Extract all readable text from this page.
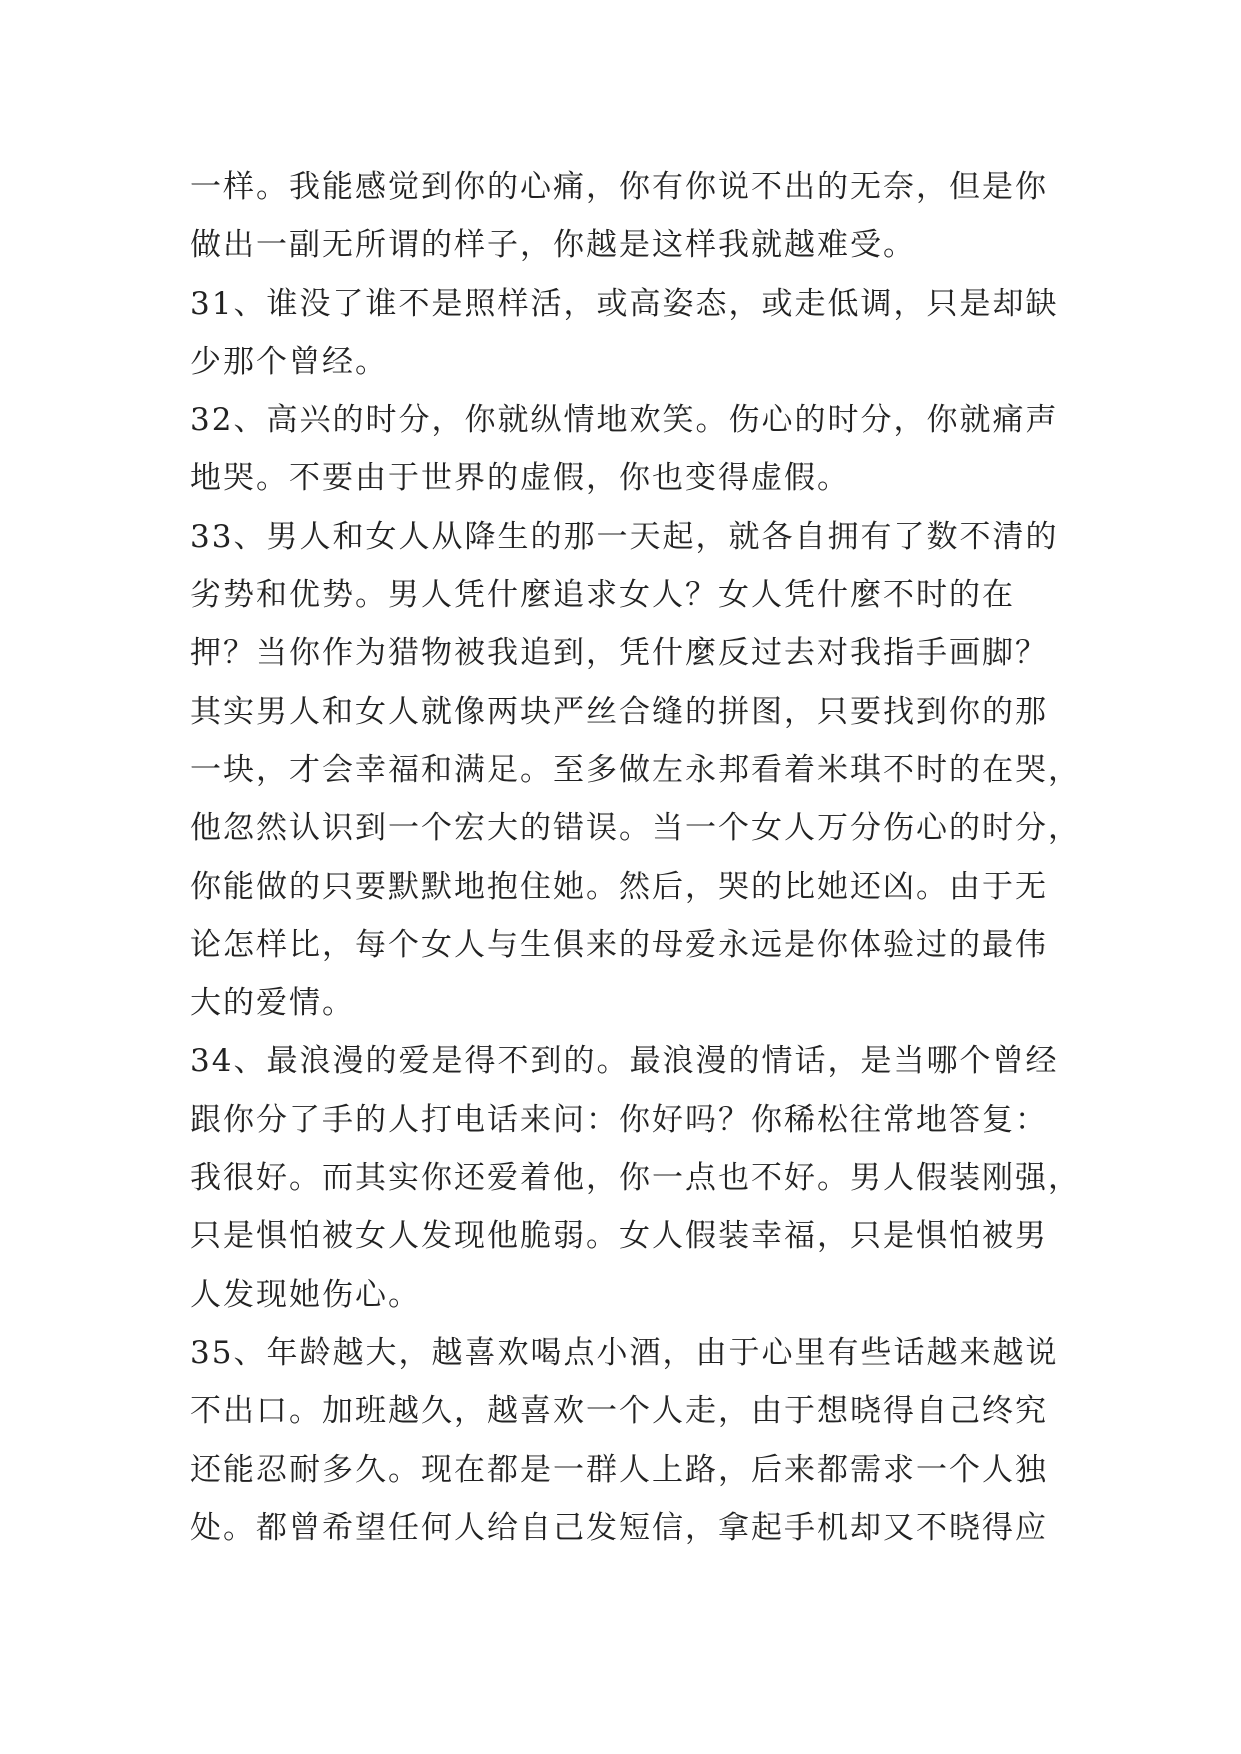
一样。我能感觉到你的心痛，你有你说不出的无奈，但是你
做出一副无所谓的样子，你越是这样我就越难受。
31、谁没了谁不是照样活，或高姿态，或走低调，只是却缺
少那个曾经。
32、高兴的时分，你就纵情地欢笑。伤心的时分，你就痛声
地哭。不要由于世界的虚假，你也变得虚假。
33、男人和女人从降生的那一天起，就各自拥有了数不清的
劣势和优势。男人凭什麼追求女人？女人凭什麼不时的在
押？当你作为猎物被我追到，凭什麼反过去对我指手画脚？
其实男人和女人就像两块严丝合缝的拼图，只要找到你的那
一块，才会幸福和满足。至多做左永邦看着米琪不时的在哭，
他忽然认识到一个宏大的错误。当一个女人万分伤心的时分，
你能做的只要默默地抱住她。然后，哭的比她还凶。由于无
论怎样比，每个女人与生俱来的母爱永远是你体验过的最伟
大的爱情。
34、最浪漫的爱是得不到的。最浪漫的情话，是当哪个曾经
跟你分了手的人打电话来问：你好吗？你稀松往常地答复：
我很好。而其实你还爱着他，你一点也不好。男人假装刚强，
只是惧怕被女人发现他脆弱。女人假装幸福，只是惧怕被男
人发现她伤心。
35、年龄越大，越喜欢喝点小酒，由于心里有些话越来越说
不出口。加班越久，越喜欢一个人走，由于想晓得自己终究
还能忍耐多久。现在都是一群人上路，后来都需求一个人独
处。都曾希望任何人给自己发短信，拿起手机却又不晓得应
